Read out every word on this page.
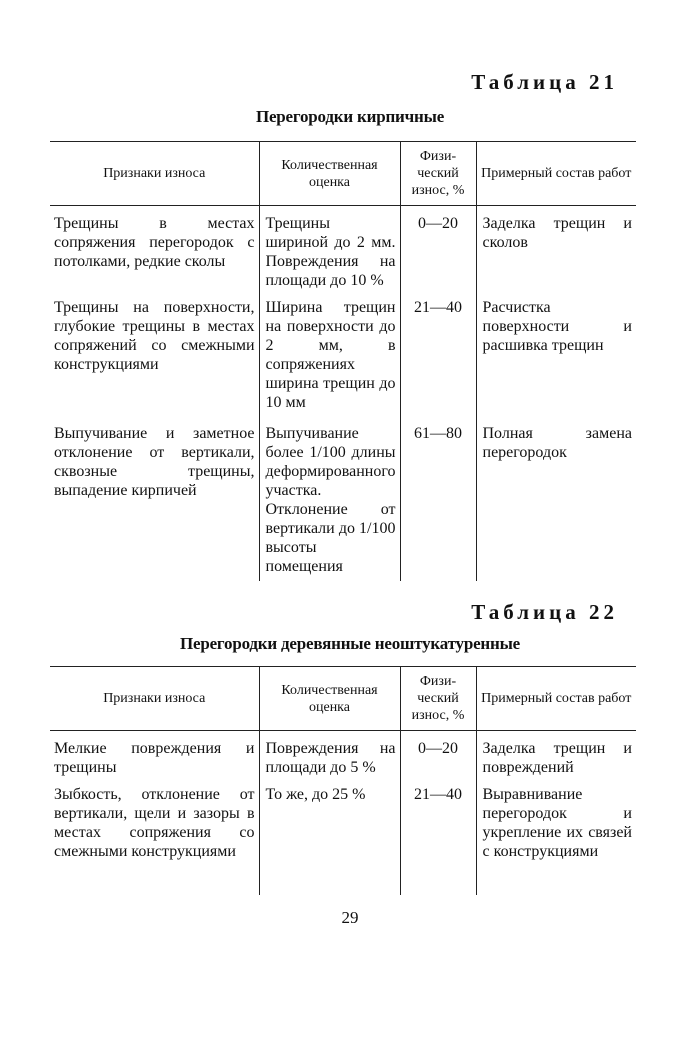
Таблица 21
Перегородки кирпичные
Признаки износа	Количественная оценка	Физи-ческий износ, %	Примерный состав работ
Трещины в местах сопряжения перегородок с потолками, редкие сколы	Трещины шириной до 2 мм. Повреждения на площади до 10 %	0—20	Заделка трещин и сколов
Трещины на поверхности, глубокие трещины в местах сопряжений со смежными конструкциями	Ширина трещин на поверхности до 2 мм, в сопряжениях ширина трещин до 10 мм	21—40	Расчистка поверхности и расшивка трещин
Выпучивание и заметное отклонение от вертикали, сквозные трещины, выпадение кирпичей	Выпучивание более 1/100 длины деформированного участка. Отклонение от вертикали до 1/100 высоты помещения	61—80	Полная замена перегородок
Таблица 22
Перегородки деревянные неоштукатуренные
Признаки износа	Количественная оценка	Физи-ческий износ, %	Примерный состав работ
Мелкие повреждения и трещины	Повреждения на площади до 5 %	0—20	Заделка трещин и повреждений
Зыбкость, отклонение от вертикали, щели и зазоры в местах сопряжения со смежными конструкциями	То же, до 25 %	21—40	Выравнивание перегородок и укрепление их связей с конструкциями
29
